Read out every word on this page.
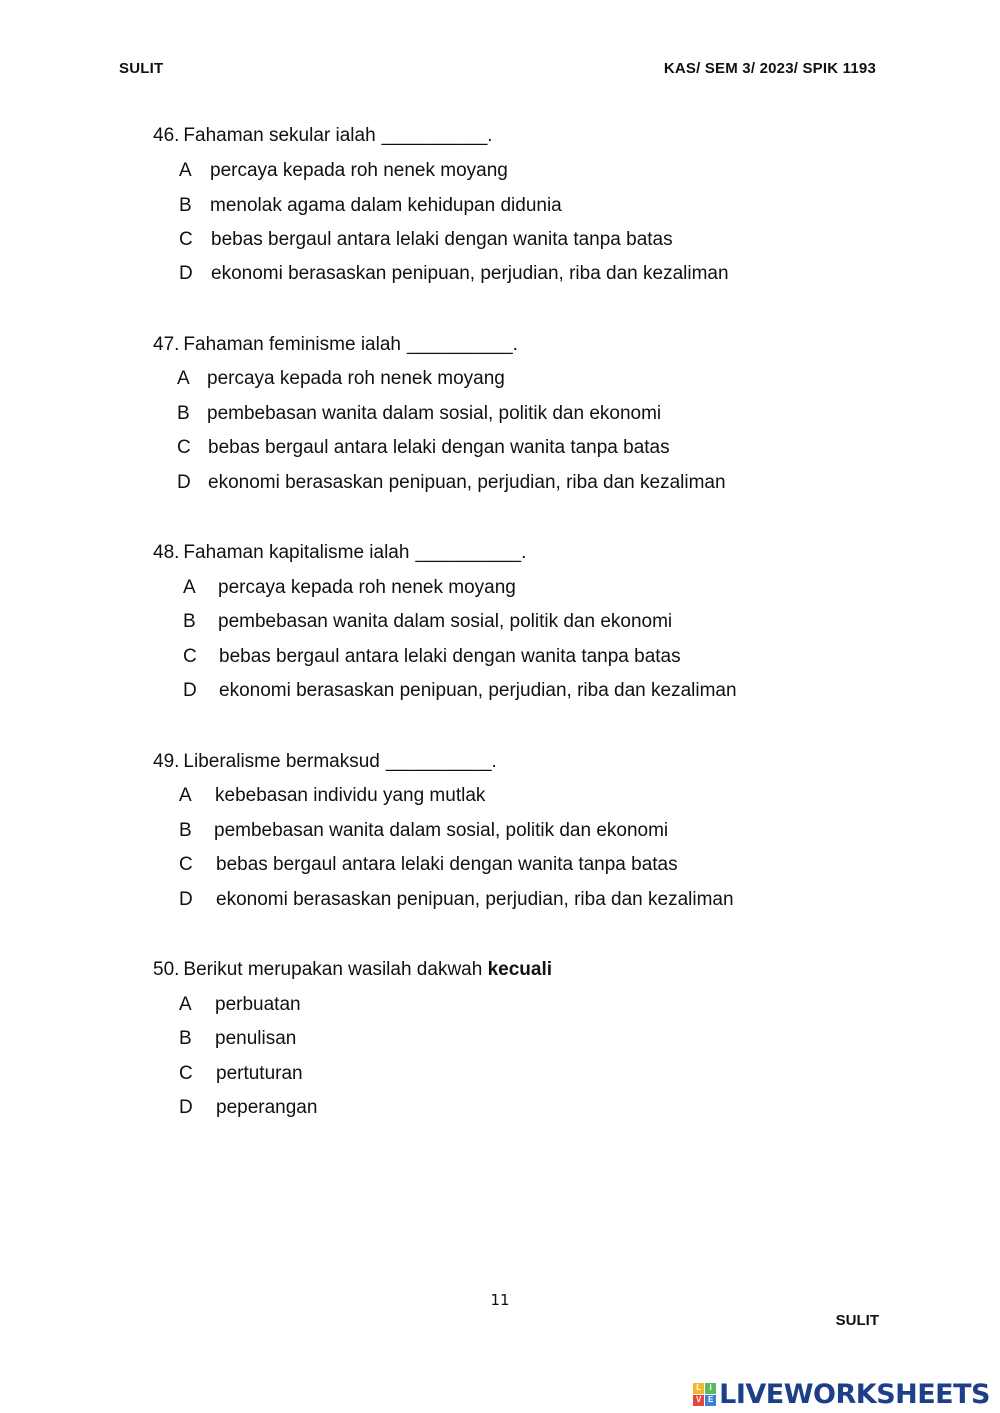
SULIT	KAS/ SEM 3/ 2023/ SPIK 1193
46. Fahaman sekular ialah __________.
A percaya kepada roh nenek moyang
B menolak agama dalam kehidupan didunia
C bebas bergaul antara lelaki dengan wanita tanpa batas
D ekonomi berasaskan penipuan, perjudian, riba dan kezaliman
47. Fahaman feminisme ialah __________.
A percaya kepada roh nenek moyang
B pembebasan wanita dalam sosial, politik dan ekonomi
C bebas bergaul antara lelaki dengan wanita tanpa batas
D ekonomi berasaskan penipuan, perjudian, riba dan kezaliman
48. Fahaman kapitalisme ialah __________.
A percaya kepada roh nenek moyang
B pembebasan wanita dalam sosial, politik dan ekonomi
C bebas bergaul antara lelaki dengan wanita tanpa batas
D ekonomi berasaskan penipuan, perjudian, riba dan kezaliman
49. Liberalisme bermaksud __________.
A kebebasan individu yang mutlak
B pembebasan wanita dalam sosial, politik dan ekonomi
C bebas bergaul antara lelaki dengan wanita tanpa batas
D ekonomi berasaskan penipuan, perjudian, riba dan kezaliman
50. Berikut merupakan wasilah dakwah kecuali
A perbuatan
B penulisan
C pertuturan
D peperangan
11
SULIT
L	I
V E LIVEWORKSHEETS
